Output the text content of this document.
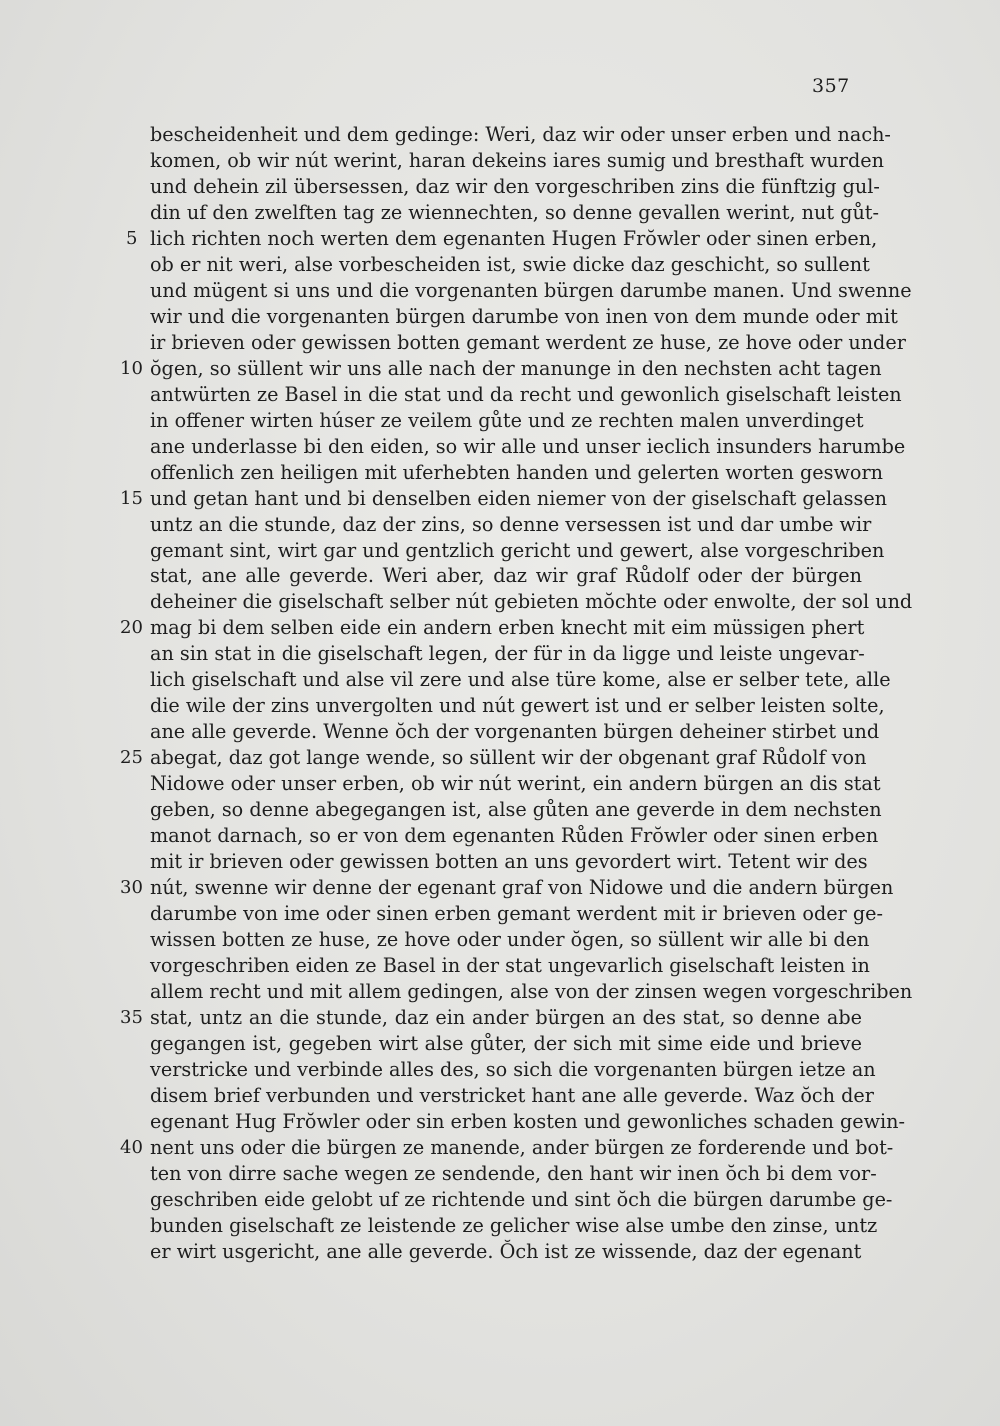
357
bescheidenheit und dem gedinge: Weri, daz wir oder unser erben und nach-
komen, ob wir nút werint, haran dekeins iares sumig und bresthaft wurden
und dehein zil übersessen, daz wir den vorgeschriben zins die fünftzig gul-
din uf den zwelften tag ze wiennechten, so denne gevallen werint, nut gůt-
5 lich richten noch werten dem egenanten Hugen Frŏwler oder sinen erben,
ob er nit weri, alse vorbescheiden ist, swie dicke daz geschicht, so sullent
und mügent si uns und die vorgenanten bürgen darumbe manen. Und swenne
wir und die vorgenanten bürgen darumbe von inen von dem munde oder mit
ir brieven oder gewissen botten gemant werdent ze huse, ze hove oder under
10 ŏgen, so süllent wir uns alle nach der manunge in den nechsten acht tagen
antwürten ze Basel in die stat und da recht und gewonlich giselschaft leisten
in offener wirten húser ze veilem gůte und ze rechten malen unverdinget
ane underlasse bi den eiden, so wir alle und unser ieclich insunders harumbe
offenlich zen heiligen mit uferhebten handen und gelerten worten gesworn
15 und getan hant und bi denselben eiden niemer von der giselschaft gelassen
untz an die stunde, daz der zins, so denne versessen ist und dar umbe wir
gemant sint, wirt gar und gentzlich gericht und gewert, alse vorgeschriben
stat, ane alle geverde. Weri aber, daz wir graf Růdolf oder der bürgen
deheiner die giselschaft selber nút gebieten mŏchte oder enwolte, der sol und
20 mag bi dem selben eide ein andern erben knecht mit eim müssigen phert
an sin stat in die giselschaft legen, der für in da ligge und leiste ungevar-
lich giselschaft und alse vil zere und alse türe kome, alse er selber tete, alle
die wile der zins unvergolten und nút gewert ist und er selber leisten solte,
ane alle geverde. Wenne ŏch der vorgenanten bürgen deheiner stirbet und
25 abegat, daz got lange wende, so süllent wir der obgenant graf Růdolf von
Nidowe oder unser erben, ob wir nút werint, ein andern bürgen an dis stat
geben, so denne abegegangen ist, alse gůten ane geverde in dem nechsten
manot darnach, so er von dem egenanten Růden Frŏwler oder sinen erben
mit ir brieven oder gewissen botten an uns gevordert wirt. Tetent wir des
30 nút, swenne wir denne der egenant graf von Nidowe und die andern bürgen
darumbe von ime oder sinen erben gemant werdent mit ir brieven oder ge-
wissen botten ze huse, ze hove oder under ŏgen, so süllent wir alle bi den
vorgeschriben eiden ze Basel in der stat ungevarlich giselschaft leisten in
allem recht und mit allem gedingen, alse von der zinsen wegen vorgeschriben
35 stat, untz an die stunde, daz ein ander bürgen an des stat, so denne abe
gegangen ist, gegeben wirt alse gůter, der sich mit sime eide und brieve
verstricke und verbinde alles des, so sich die vorgenanten bürgen ietze an
disem brief verbunden und verstricket hant ane alle geverde. Waz ŏch der
egenant Hug Frŏwler oder sin erben kosten und gewonliches schaden gewin-
40 nent uns oder die bürgen ze manende, ander bürgen ze forderende und bot-
ten von dirre sache wegen ze sendende, den hant wir inen ŏch bi dem vor-
geschriben eide gelobt uf ze richtende und sint ŏch die bürgen darumbe ge-
bunden giselschaft ze leistende ze gelicher wise alse umbe den zinse, untz
er wirt usgericht, ane alle geverde. Ŏch ist ze wissende, daz der egenant
